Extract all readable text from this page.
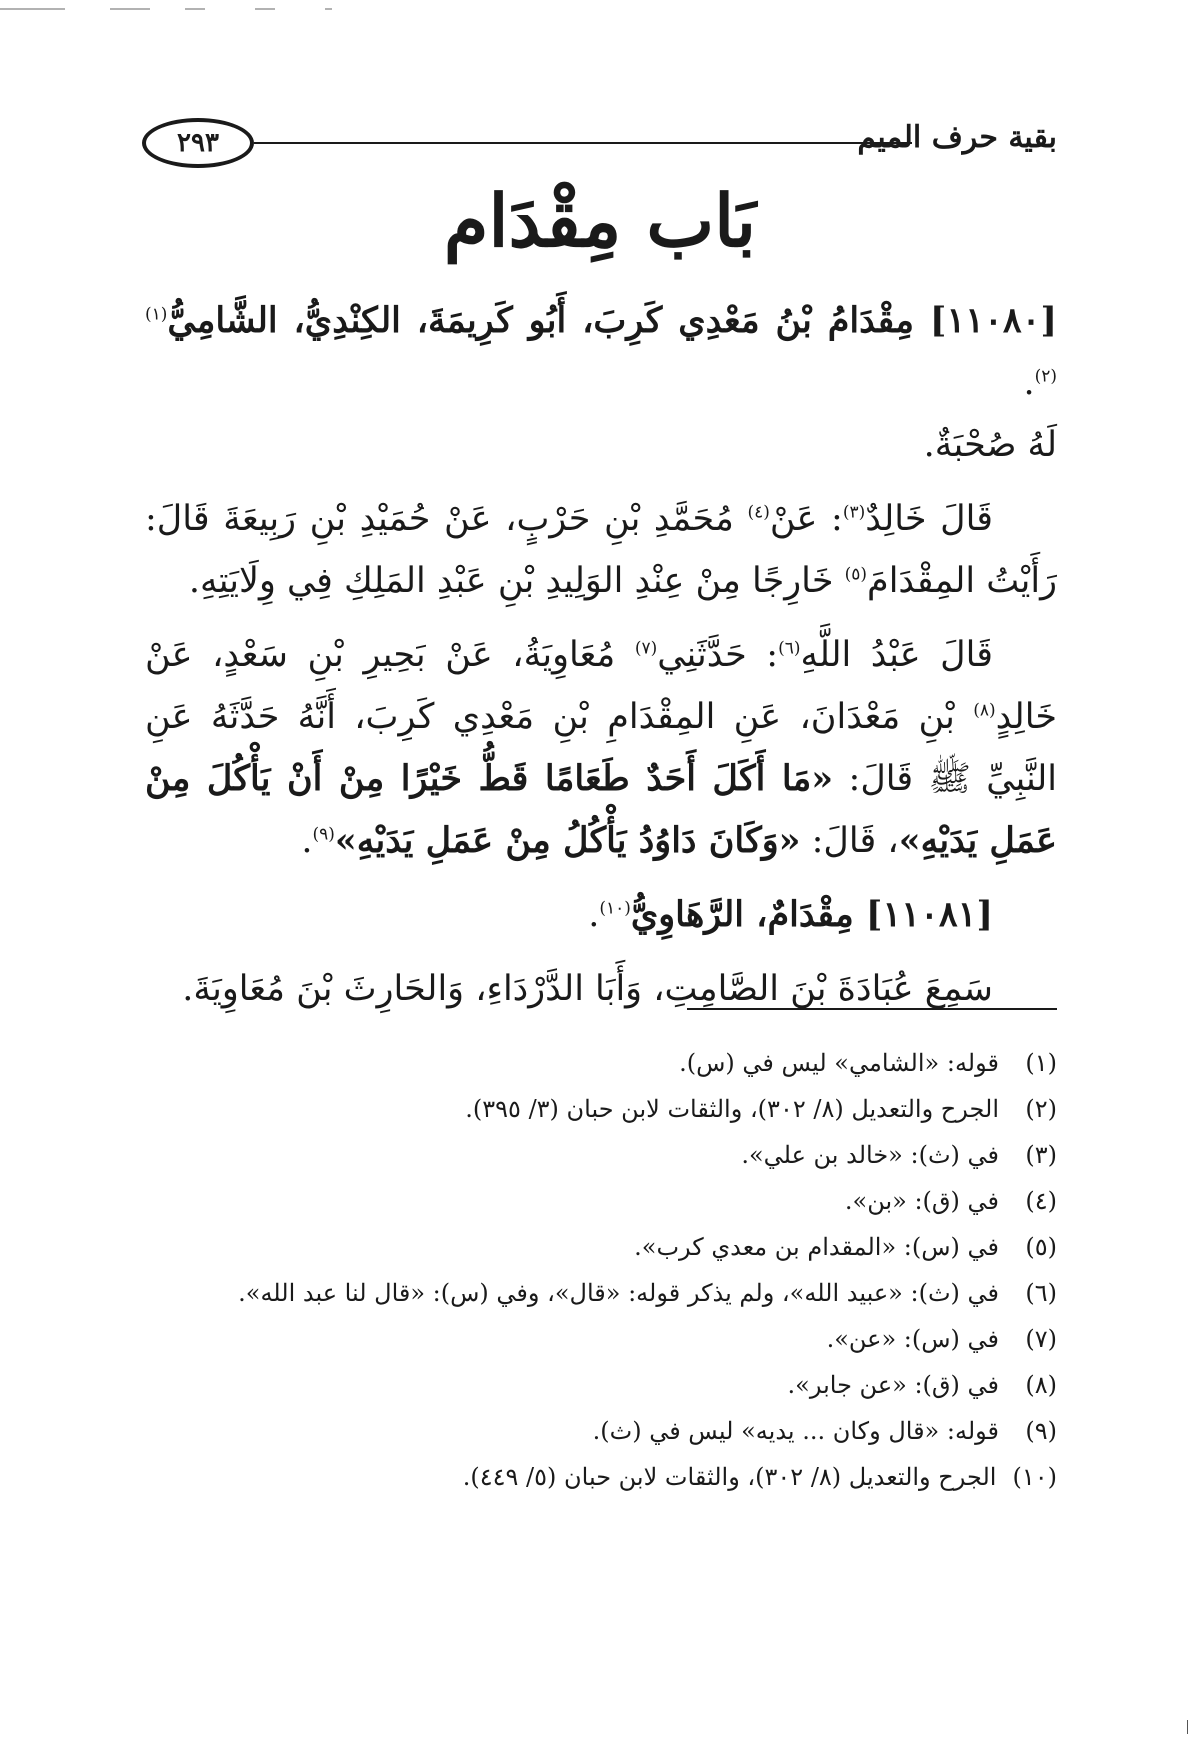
٢٩٣	بقية حرف الميم
بَاب مِقْدَام

[١١٠٨٠] مِقْدَامُ بْنُ مَعْدِي كَرِبَ، أَبُو كَرِيمَةَ، الكِنْدِيُّ، الشَّامِيُّ$^{(١)(٢)}$.
لَهُ صُحْبَةٌ.

قَالَ خَالِدٌ$^{(٣)}$: عَنْ$^{(٤)}$ مُحَمَّدِ بْنِ حَرْبٍ، عَنْ حُمَيْدِ بْنِ رَبِيعَةَ قَالَ: رَأَيْتُ المِقْدَامَ$^{(٥)}$ خَارِجًا مِنْ عِنْدِ الوَلِيدِ بْنِ عَبْدِ المَلِكِ فِي وِلَايَتِهِ.

قَالَ عَبْدُ اللَّهِ$^{(٦)}$: حَدَّثَنِي$^{(٧)}$ مُعَاوِيَةُ، عَنْ بَحِيرِ بْنِ سَعْدٍ، عَنْ خَالِدٍ$^{(٨)}$ بْنِ مَعْدَانَ، عَنِ المِقْدَامِ بْنِ مَعْدِي كَرِبَ، أَنَّهُ حَدَّثَهُ عَنِ النَّبِيِّ ﷺ قَالَ: «مَا أَكَلَ أَحَدٌ طَعَامًا قَطُّ خَيْرًا مِنْ أَنْ يَأْكُلَ مِنْ عَمَلِ يَدَيْهِ»، قَالَ: «وَكَانَ دَاوُدُ يَأْكُلُ مِنْ عَمَلِ يَدَيْهِ»$^{(٩)}$.

[١١٠٨١] مِقْدَامٌ، الرَّهَاوِيُّ$^{(١٠)}$.

سَمِعَ عُبَادَةَ بْنَ الصَّامِتِ، وَأَبَا الدَّرْدَاءِ، وَالحَارِثَ بْنَ مُعَاوِيَةَ.

(١)
قوله: «الشامي» ليس في (س).
(٢)
الجرح والتعديل (٨/ ٣٠٢)، والثقات لابن حبان (٣/ ٣٩٥).
(٣)
في (ث): «خالد بن علي».
(٤)
في (ق): «بن».
(٥)
في (س): «المقدام بن معدي كرب».
(٦)
في (ث): «عبيد الله»، ولم يذكر قوله: «قال»، وفي (س): «قال لنا عبد الله».
(٧)
في (س): «عن».
(٨)
في (ق): «عن جابر».
(٩)
قوله: «قال وكان ... يديه» ليس في (ث).
(١٠)
الجرح والتعديل (٨/ ٣٠٢)، والثقات لابن حبان (٥/ ٤٤٩).
